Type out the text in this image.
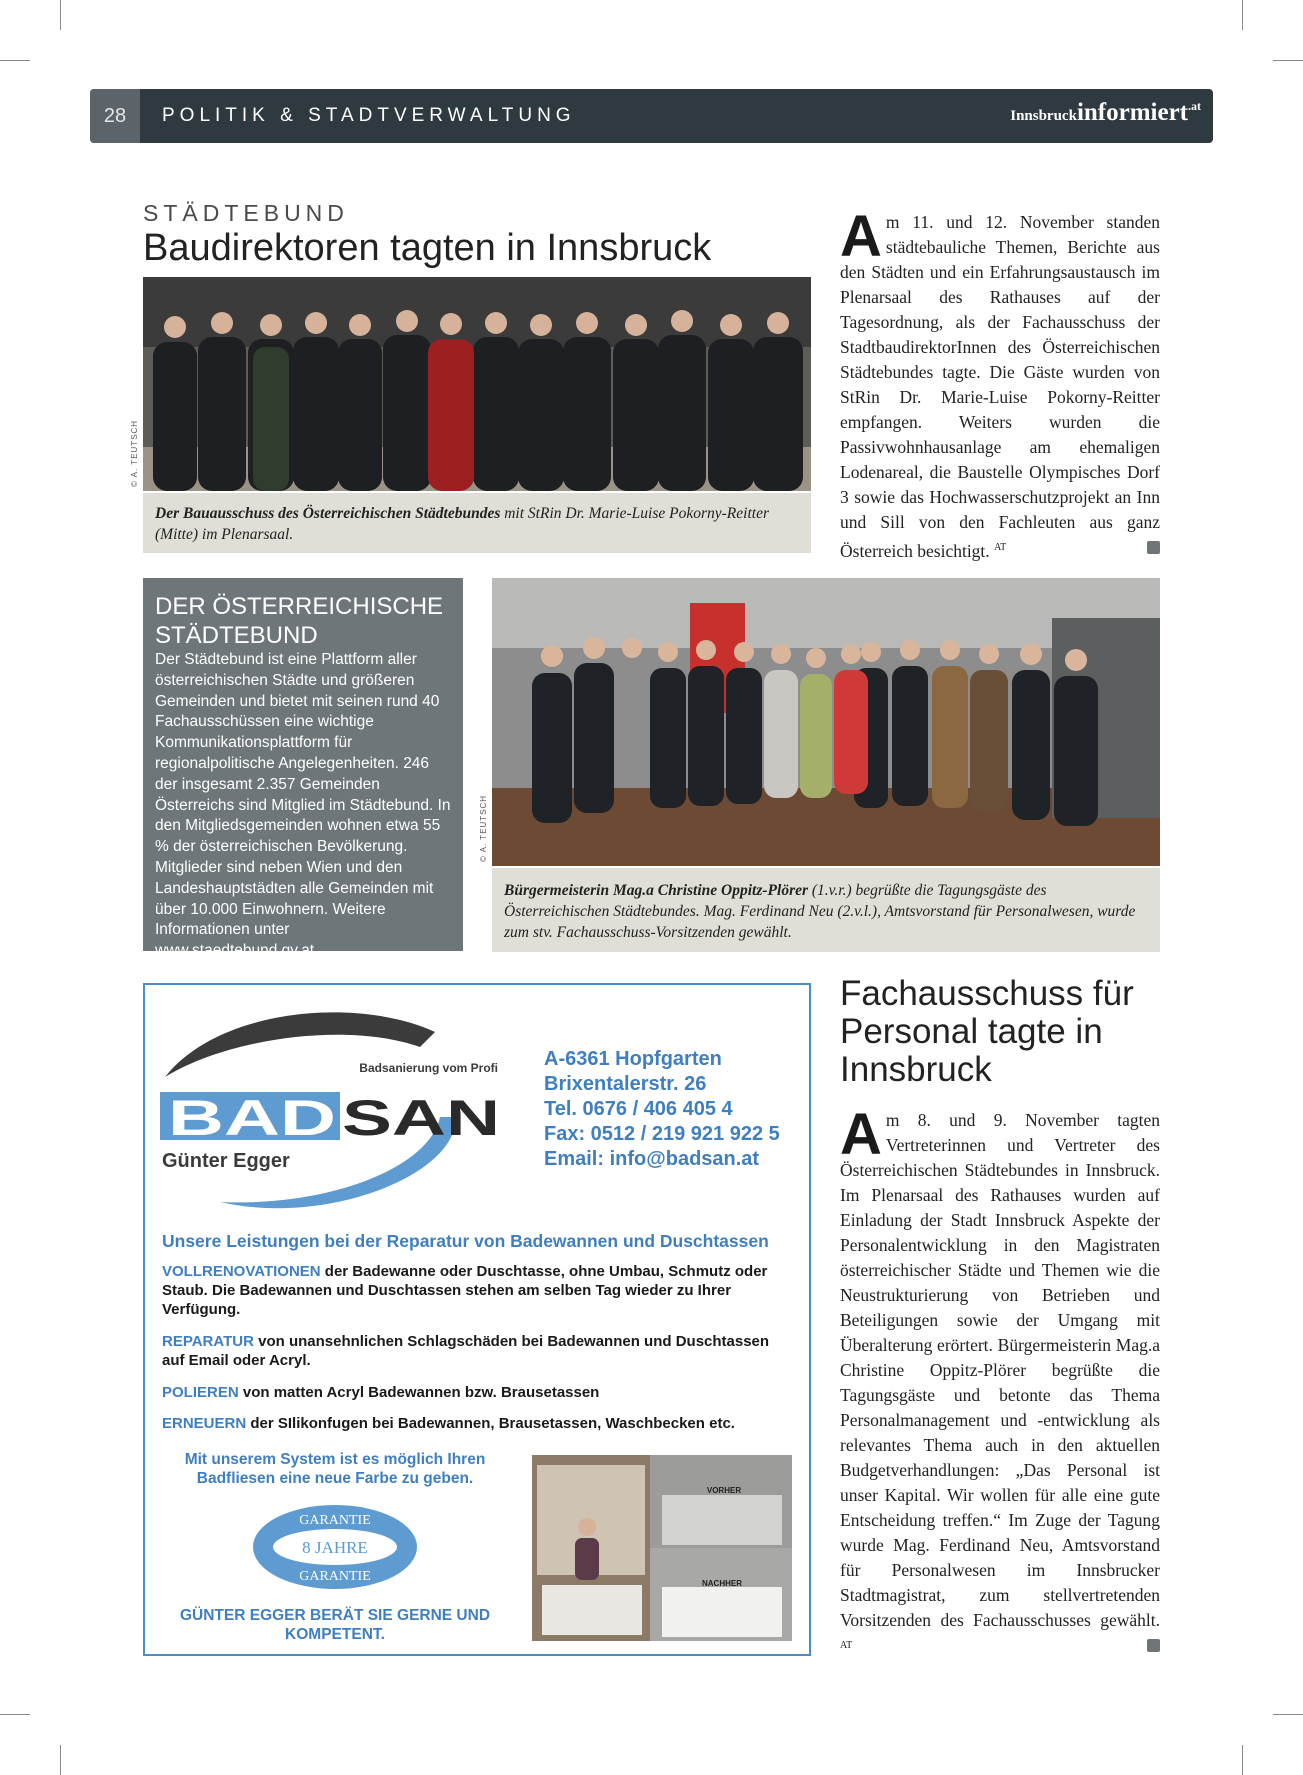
28	POLITIK & STADTVERWALTUNG	Innsbruckinformiert$^{.at}$
STÄDTEBUND
Baudirektoren tagten in Innsbruck
© A. TEUTSCH
Der Bauausschuss des Österreichischen Städtebundes mit StRin Dr. Marie-Luise Pokorny-Reitter (Mitte) im Plenarsaal.
Am 11. und 12. November standen städtebauliche Themen, Berichte aus den Städten und ein Erfahrungsaustausch im Plenarsaal des Rathauses auf der Tagesordnung, als der Fachausschuss der StadtbaudirektorInnen des Österreichischen Städtebundes tagte. Die Gäste wurden von StRin Dr. Marie-Luise Pokorny-Reitter empfangen. Weiters wurden die Passivwohnhausanlage am ehemaligen Lodenareal, die Baustelle Olympisches Dorf 3 sowie das Hochwasserschutzprojekt an Inn und Sill von den Fachleuten aus ganz Österreich besichtigt. $^{AT}$
DER ÖSTERREICHISCHE STÄDTEBUND
Der Städtebund ist eine Plattform aller österreichischen Städte und größeren Gemeinden und bietet mit seinen rund 40 Fachausschüssen eine wichtige Kommunikationsplattform für regionalpolitische Angelegenheiten. 246 der insgesamt 2.357 Gemeinden Österreichs sind Mitglied im Städtebund. In den Mitgliedsgemeinden wohnen etwa 55 % der österreichischen Bevölkerung. Mitglieder sind neben Wien und den Landeshauptstädten alle Gemeinden mit über 10.000 Einwohnern. Weitere Informationen unter www.staedtebund.gv.at.
© A. TEUTSCH
Bürgermeisterin Mag.a Christine Oppitz-Plörer (1.v.r.) begrüßte die Tagungsgäste des Österreichischen Städtebundes. Mag. Ferdinand Neu (2.v.l.), Amtsvorstand für Personalwesen, wurde zum stv. Fachausschuss-Vorsitzenden gewählt.
Fachausschuss für Personal tagte in Innsbruck
Am 8. und 9. November tagten Vertreterinnen und Vertreter des Österreichischen Städtebundes in Innsbruck. Im Plenarsaal des Rathauses wurden auf Einladung der Stadt Innsbruck Aspekte der Personalentwicklung in den Magistraten österreichischer Städte und Themen wie die Neustrukturierung von Betrieben und Beteiligungen sowie der Umgang mit Überalterung erörtert. Bürgermeisterin Mag.a Christine Oppitz-Plörer begrüßte die Tagungsgäste und betonte das Thema Personalmanagement und -entwicklung als relevantes Thema auch in den aktuellen Budgetverhandlungen: „Das Personal ist unser Kapital. Wir wollen für alle eine gute Entscheidung treffen.“ Im Zuge der Tagung wurde Mag. Ferdinand Neu, Amtsvorstand für Personalwesen im Innsbrucker Stadtmagistrat, zum stellvertretenden Vorsitzenden des Fachausschusses gewählt. $^{AT}$
Badsanierung vom Profi
BAD SAN
Günter Egger
A-6361 Hopfgarten
Brixentalerstr. 26
Tel. 0676 / 406 405 4
Fax: 0512 / 219 921 922 5
Email: info@badsan.at
Unsere Leistungen bei der Reparatur von Badewannen und Duschtassen
VOLLRENOVATIONEN der Badewanne oder Duschtasse, ohne Umbau, Schmutz oder Staub. Die Badewannen und Duschtassen stehen am selben Tag wieder zu Ihrer Verfügung.
REPARATUR von unansehnlichen Schlagschäden bei Badewannen und Duschtassen auf Email oder Acryl.
POLIEREN von matten Acryl Badewannen bzw. Brausetassen
ERNEUERN der SIlikonfugen bei Badewannen, Brausetassen, Waschbecken etc.
Mit unserem System ist es möglich Ihren Badfliesen eine neue Farbe zu geben.
GARANTIE
8 JAHRE
GARANTIE
GÜNTER EGGER BERÄT SIE GERNE UND KOMPETENT.
VORHER
NACHHER
